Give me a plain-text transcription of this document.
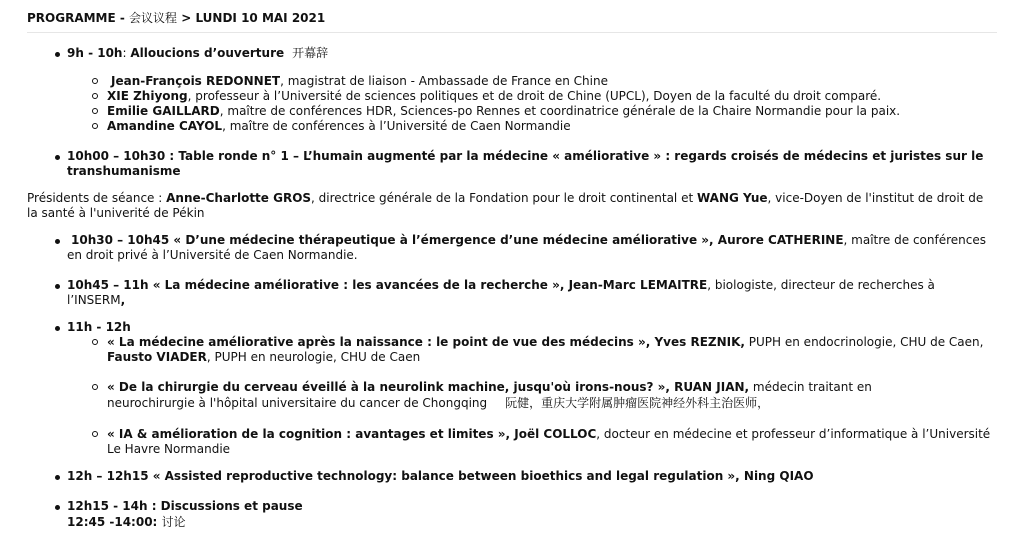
PROGRAMME - 会议议程 > LUNDI 10 MAI 2021
9h - 10h: Alloucions d’ouverture 开幕辞
Jean-François REDONNET, magistrat de liaison - Ambassade de France en Chine
XIE Zhiyong, professeur à l’Université de sciences politiques et de droit de Chine (UPCL), Doyen de la faculté du droit comparé.
Emilie GAILLARD, maître de conférences HDR, Sciences-po Rennes et coordinatrice générale de la Chaire Normandie pour la paix.
Amandine CAYOL, maître de conférences à l’Université de Caen Normandie
10h00 – 10h30 : Table ronde n° 1 – L’humain augmenté par la médecine « améliorative » : regards croisés de médecins et juristes sur le
transhumanisme
Présidents de séance : Anne-Charlotte GROS, directrice générale de la Fondation pour le droit continental et WANG Yue, vice-Doyen de l'institut de droit de
la santé à l'univerité de Pékin
10h30 – 10h45 « D’une médecine thérapeutique à l’émergence d’une médecine améliorative », Aurore CATHERINE, maître de conférences
en droit privé à l’Université de Caen Normandie.
10h45 – 11h « La médecine améliorative : les avancées de la recherche », Jean-Marc LEMAITRE, biologiste, directeur de recherches à
l’INSERM,
11h - 12h
« La médecine améliorative après la naissance : le point de vue des médecins », Yves REZNIK, PUPH en endocrinologie, CHU de Caen,
Fausto VIADER, PUPH en neurologie, CHU de Caen
« De la chirurgie du cerveau éveillé à la neurolink machine, jusqu'où irons-nous? », RUAN JIAN, médecin traitant en
neurochirurgie à l'hôpital universitaire du cancer de Chongqing 阮健，重庆大学附属肿瘤医院神经外科主治医师，
« IA & amélioration de la cognition : avantages et limites », Joël COLLOC, docteur en médecine et professeur d’informatique à l’Université
Le Havre Normandie
12h – 12h15 « Assisted reproductive technology: balance between bioethics and legal regulation », Ning QIAO
12h15 - 14h : Discussions et pause
12:45 -14:00: 讨论
